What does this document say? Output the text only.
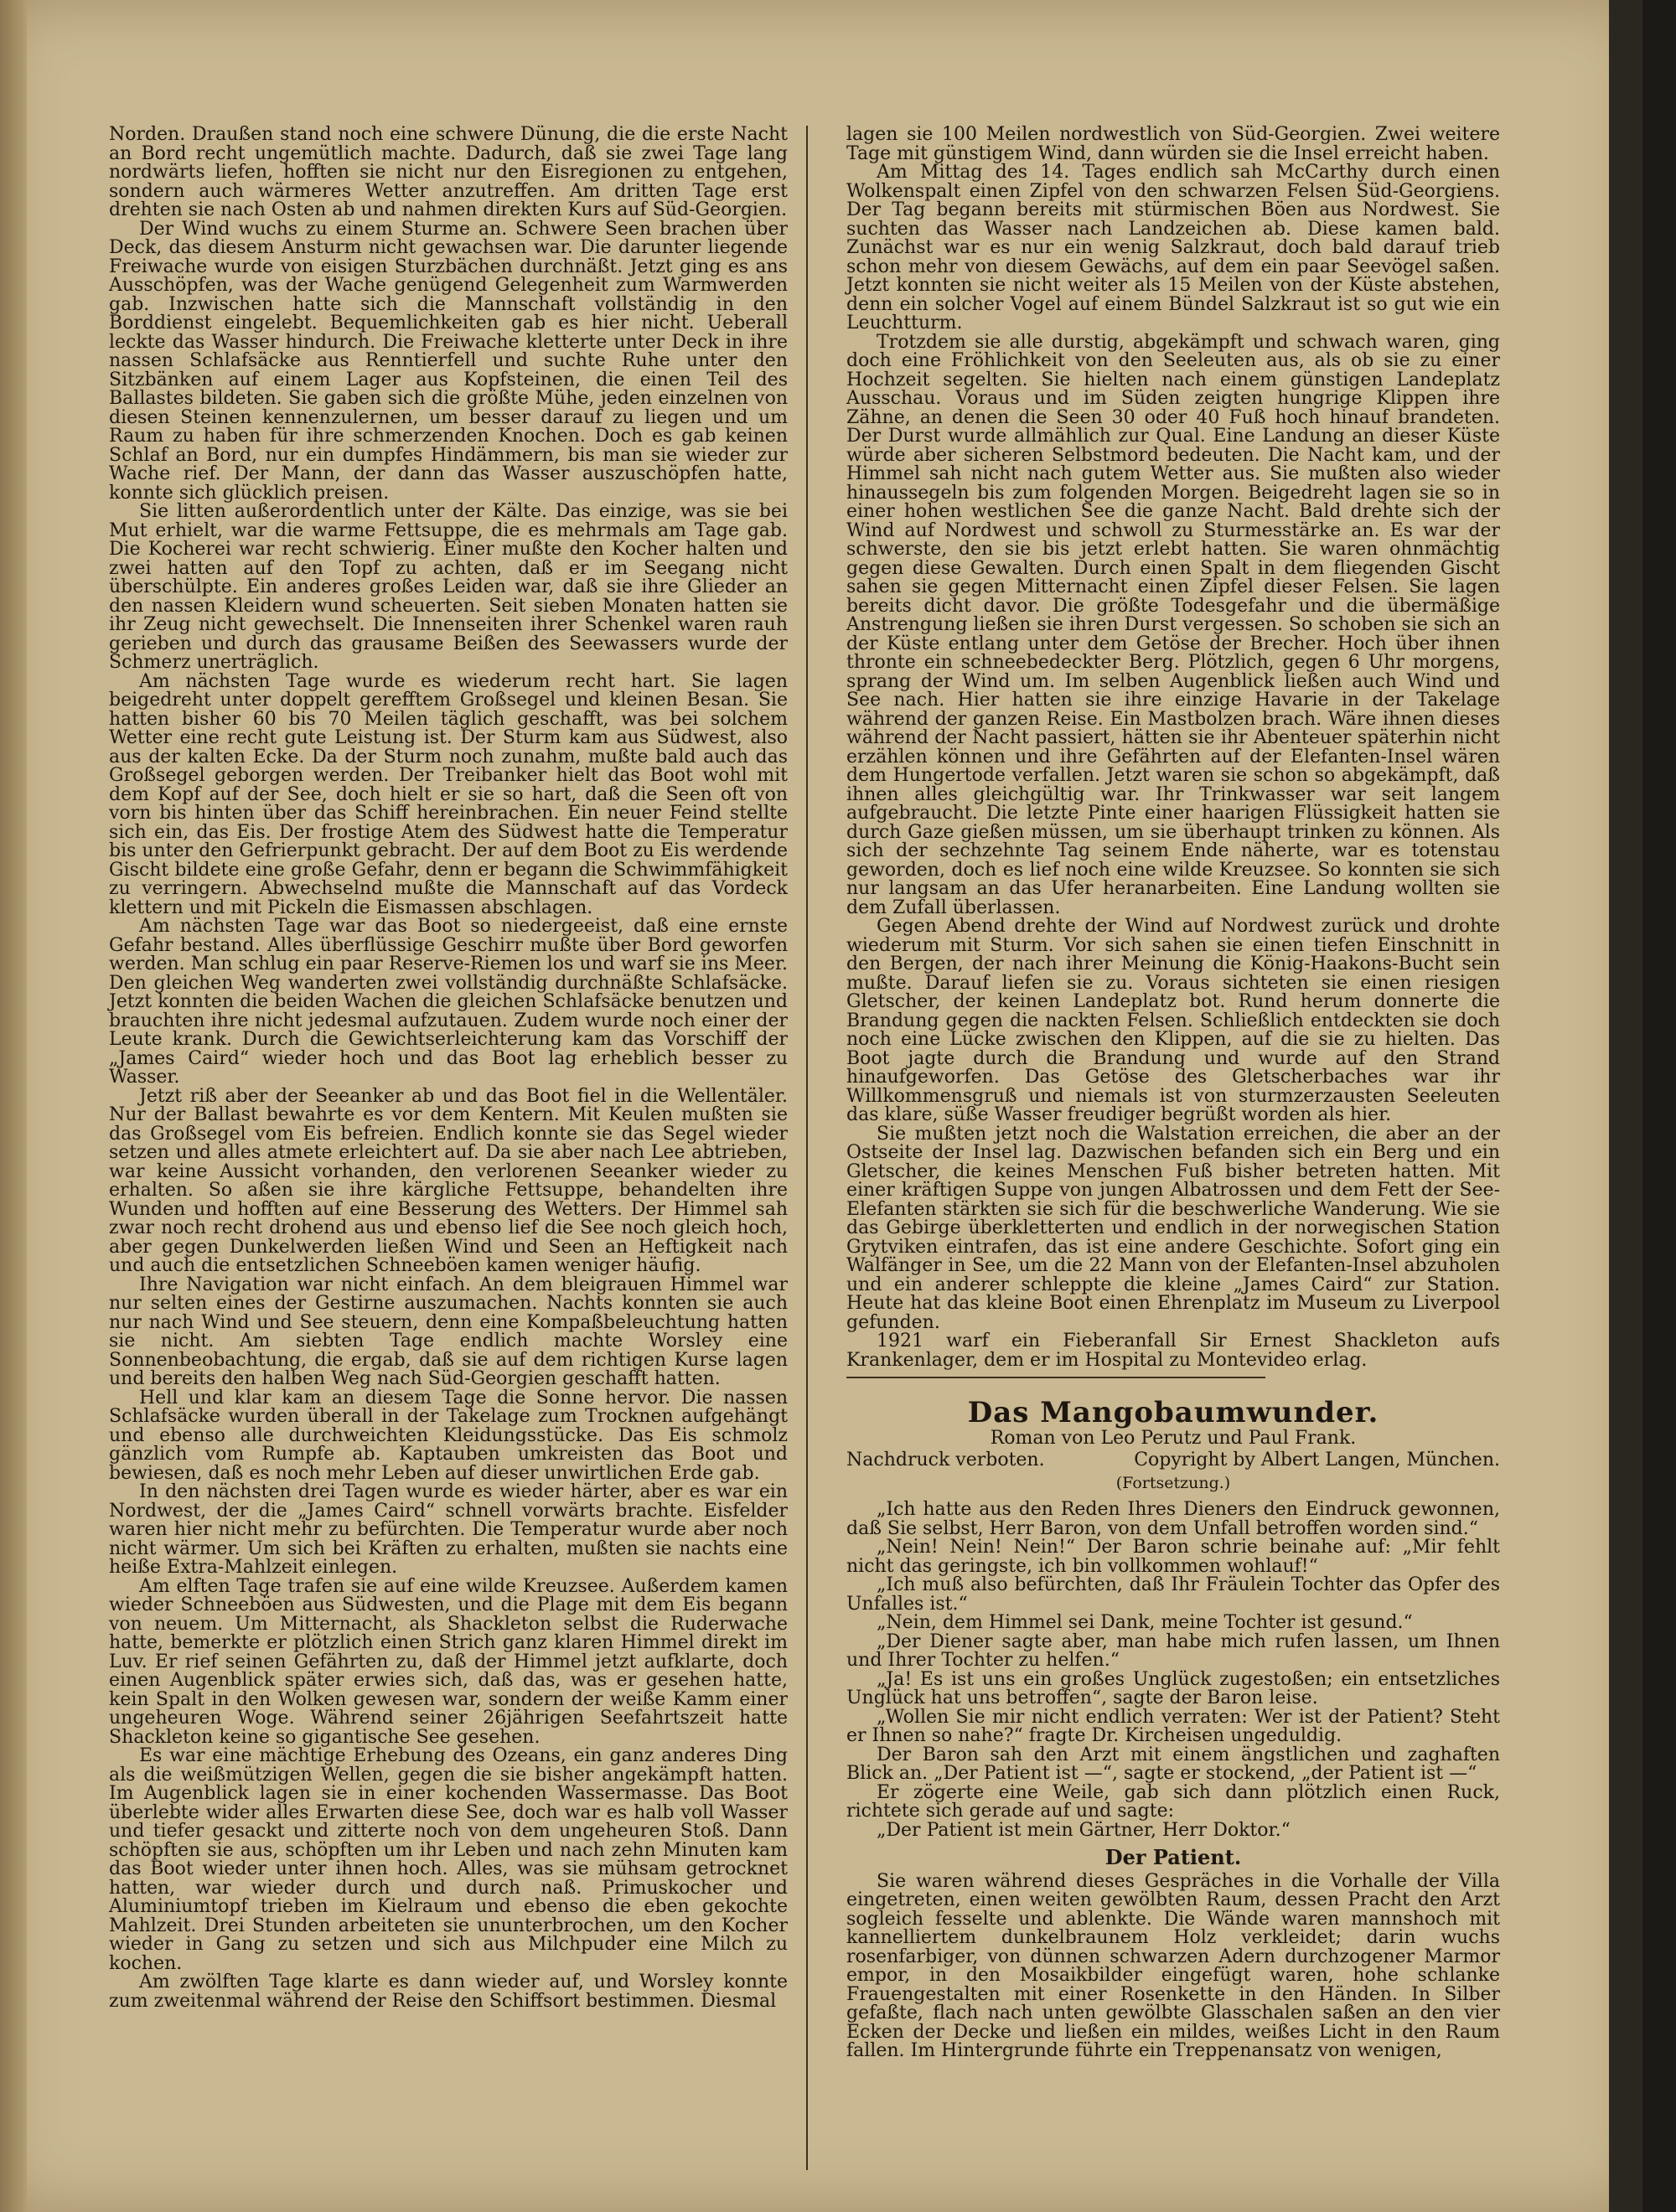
Norden. Draußen stand noch eine schwere Dünung, die die erste Nacht an Bord recht ungemütlich machte. Dadurch, daß sie zwei Tage lang nordwärts liefen, hofften sie nicht nur den Eisregionen zu entgehen, sondern auch wärmeres Wetter anzutreffen. Am dritten Tage erst drehten sie nach Osten ab und nahmen direkten Kurs auf Süd-Georgien.

Der Wind wuchs zu einem Sturme an. Schwere Seen brachen über Deck, das diesem Ansturm nicht gewachsen war. Die darunter liegende Freiwache wurde von eisigen Sturzbächen durchnäßt. Jetzt ging es ans Ausschöpfen, was der Wache genügend Gelegenheit zum Warmwerden gab. Inzwischen hatte sich die Mannschaft vollständig in den Borddienst eingelebt. Bequemlichkeiten gab es hier nicht. Ueberall leckte das Wasser hindurch. Die Freiwache kletterte unter Deck in ihre nassen Schlafsäcke aus Renntierfell und suchte Ruhe unter den Sitzbänken auf einem Lager aus Kopfsteinen, die einen Teil des Ballastes bildeten. Sie gaben sich die größte Mühe, jeden einzelnen von diesen Steinen kennenzulernen, um besser darauf zu liegen und um Raum zu haben für ihre schmerzenden Knochen. Doch es gab keinen Schlaf an Bord, nur ein dumpfes Hindämmern, bis man sie wieder zur Wache rief. Der Mann, der dann das Wasser auszuschöpfen hatte, konnte sich glücklich preisen.

Sie litten außerordentlich unter der Kälte. Das einzige, was sie bei Mut erhielt, war die warme Fettsuppe, die es mehrmals am Tage gab. Die Kocherei war recht schwierig. Einer mußte den Kocher halten und zwei hatten auf den Topf zu achten, daß er im Seegang nicht überschülpte. Ein anderes großes Leiden war, daß sie ihre Glieder an den nassen Kleidern wund scheuerten. Seit sieben Monaten hatten sie ihr Zeug nicht gewechselt. Die Innenseiten ihrer Schenkel waren rauh gerieben und durch das grausame Beißen des Seewassers wurde der Schmerz unerträglich.

Am nächsten Tage wurde es wiederum recht hart. Sie lagen beigedreht unter doppelt gerefftem Großsegel und kleinen Besan. Sie hatten bisher 60 bis 70 Meilen täglich geschafft, was bei solchem Wetter eine recht gute Leistung ist. Der Sturm kam aus Südwest, also aus der kalten Ecke. Da der Sturm noch zunahm, mußte bald auch das Großsegel geborgen werden. Der Treibanker hielt das Boot wohl mit dem Kopf auf der See, doch hielt er sie so hart, daß die Seen oft von vorn bis hinten über das Schiff hereinbrachen. Ein neuer Feind stellte sich ein, das Eis. Der frostige Atem des Südwest hatte die Temperatur bis unter den Gefrierpunkt gebracht. Der auf dem Boot zu Eis werdende Gischt bildete eine große Gefahr, denn er begann die Schwimmfähigkeit zu verringern. Abwechselnd mußte die Mannschaft auf das Vordeck klettern und mit Pickeln die Eismassen abschlagen.

Am nächsten Tage war das Boot so niedergeeist, daß eine ernste Gefahr bestand. Alles überflüssige Geschirr mußte über Bord geworfen werden. Man schlug ein paar Reserve-Riemen los und warf sie ins Meer. Den gleichen Weg wanderten zwei vollständig durchnäßte Schlafsäcke. Jetzt konnten die beiden Wachen die gleichen Schlafsäcke benutzen und brauchten ihre nicht jedesmal aufzutauen. Zudem wurde noch einer der Leute krank. Durch die Gewichtserleichterung kam das Vorschiff der „James Caird“ wieder hoch und das Boot lag erheblich besser zu Wasser.

Jetzt riß aber der Seeanker ab und das Boot fiel in die Wellentäler. Nur der Ballast bewahrte es vor dem Kentern. Mit Keulen mußten sie das Großsegel vom Eis befreien. Endlich konnte sie das Segel wieder setzen und alles atmete erleichtert auf. Da sie aber nach Lee abtrieben, war keine Aussicht vorhanden, den verlorenen Seeanker wieder zu erhalten. So aßen sie ihre kärgliche Fettsuppe, behandelten ihre Wunden und hofften auf eine Besserung des Wetters. Der Himmel sah zwar noch recht drohend aus und ebenso lief die See noch gleich hoch, aber gegen Dunkelwerden ließen Wind und Seen an Heftigkeit nach und auch die entsetzlichen Schneeböen kamen weniger häufig.

Ihre Navigation war nicht einfach. An dem bleigrauen Himmel war nur selten eines der Gestirne auszumachen. Nachts konnten sie auch nur nach Wind und See steuern, denn eine Kompaßbeleuchtung hatten sie nicht. Am siebten Tage endlich machte Worsley eine Sonnenbeobachtung, die ergab, daß sie auf dem richtigen Kurse lagen und bereits den halben Weg nach Süd-Georgien geschafft hatten.

Hell und klar kam an diesem Tage die Sonne hervor. Die nassen Schlafsäcke wurden überall in der Takelage zum Trocknen aufgehängt und ebenso alle durchweichten Kleidungsstücke. Das Eis schmolz gänzlich vom Rumpfe ab. Kaptauben umkreisten das Boot und bewiesen, daß es noch mehr Leben auf dieser unwirtlichen Erde gab.

In den nächsten drei Tagen wurde es wieder härter, aber es war ein Nordwest, der die „James Caird“ schnell vorwärts brachte. Eisfelder waren hier nicht mehr zu befürchten. Die Temperatur wurde aber noch nicht wärmer. Um sich bei Kräften zu erhalten, mußten sie nachts eine heiße Extra-Mahlzeit einlegen.

Am elften Tage trafen sie auf eine wilde Kreuzsee. Außerdem kamen wieder Schneeböen aus Südwesten, und die Plage mit dem Eis begann von neuem. Um Mitternacht, als Shackleton selbst die Ruderwache hatte, bemerkte er plötzlich einen Strich ganz klaren Himmel direkt im Luv. Er rief seinen Gefährten zu, daß der Himmel jetzt aufklarte, doch einen Augenblick später erwies sich, daß das, was er gesehen hatte, kein Spalt in den Wolken gewesen war, sondern der weiße Kamm einer ungeheuren Woge. Während seiner 26jährigen Seefahrtszeit hatte Shackleton keine so gigantische See gesehen.

Es war eine mächtige Erhebung des Ozeans, ein ganz anderes Ding als die weißmützigen Wellen, gegen die sie bisher angekämpft hatten. Im Augenblick lagen sie in einer kochenden Wassermasse. Das Boot überlebte wider alles Erwarten diese See, doch war es halb voll Wasser und tiefer gesackt und zitterte noch von dem ungeheuren Stoß. Dann schöpften sie aus, schöpften um ihr Leben und nach zehn Minuten kam das Boot wieder unter ihnen hoch. Alles, was sie mühsam getrocknet hatten, war wieder durch und durch naß. Primuskocher und Aluminiumtopf trieben im Kielraum und ebenso die eben gekochte Mahlzeit. Drei Stunden arbeiteten sie ununterbrochen, um den Kocher wieder in Gang zu setzen und sich aus Milchpuder eine Milch zu kochen.

Am zwölften Tage klarte es dann wieder auf, und Worsley konnte zum zweitenmal während der Reise den Schiffsort bestimmen. Diesmal

lagen sie 100 Meilen nordwestlich von Süd-Georgien. Zwei weitere Tage mit günstigem Wind, dann würden sie die Insel erreicht haben.

Am Mittag des 14. Tages endlich sah McCarthy durch einen Wolkenspalt einen Zipfel von den schwarzen Felsen Süd-Georgiens. Der Tag begann bereits mit stürmischen Böen aus Nordwest. Sie suchten das Wasser nach Landzeichen ab. Diese kamen bald. Zunächst war es nur ein wenig Salzkraut, doch bald darauf trieb schon mehr von diesem Gewächs, auf dem ein paar Seevögel saßen. Jetzt konnten sie nicht weiter als 15 Meilen von der Küste abstehen, denn ein solcher Vogel auf einem Bündel Salzkraut ist so gut wie ein Leuchtturm.

Trotzdem sie alle durstig, abgekämpft und schwach waren, ging doch eine Fröhlichkeit von den Seeleuten aus, als ob sie zu einer Hochzeit segelten. Sie hielten nach einem günstigen Landeplatz Ausschau. Voraus und im Süden zeigten hungrige Klippen ihre Zähne, an denen die Seen 30 oder 40 Fuß hoch hinauf brandeten. Der Durst wurde allmählich zur Qual. Eine Landung an dieser Küste würde aber sicheren Selbstmord bedeuten. Die Nacht kam, und der Himmel sah nicht nach gutem Wetter aus. Sie mußten also wieder hinaussegeln bis zum folgenden Morgen. Beigedreht lagen sie so in einer hohen westlichen See die ganze Nacht. Bald drehte sich der Wind auf Nordwest und schwoll zu Sturmesstärke an. Es war der schwerste, den sie bis jetzt erlebt hatten. Sie waren ohnmächtig gegen diese Gewalten. Durch einen Spalt in dem fliegenden Gischt sahen sie gegen Mitternacht einen Zipfel dieser Felsen. Sie lagen bereits dicht davor. Die größte Todesgefahr und die übermäßige Anstrengung ließen sie ihren Durst vergessen. So schoben sie sich an der Küste entlang unter dem Getöse der Brecher. Hoch über ihnen thronte ein schneebedeckter Berg. Plötzlich, gegen 6 Uhr morgens, sprang der Wind um. Im selben Augenblick ließen auch Wind und See nach. Hier hatten sie ihre einzige Havarie in der Takelage während der ganzen Reise. Ein Mastbolzen brach. Wäre ihnen dieses während der Nacht passiert, hätten sie ihr Abenteuer späterhin nicht erzählen können und ihre Gefährten auf der Elefanten-Insel wären dem Hungertode verfallen. Jetzt waren sie schon so abgekämpft, daß ihnen alles gleichgültig war. Ihr Trinkwasser war seit langem aufgebraucht. Die letzte Pinte einer haarigen Flüssigkeit hatten sie durch Gaze gießen müssen, um sie überhaupt trinken zu können. Als sich der sechzehnte Tag seinem Ende näherte, war es totenstau geworden, doch es lief noch eine wilde Kreuzsee. So konnten sie sich nur langsam an das Ufer heranarbeiten. Eine Landung wollten sie dem Zufall überlassen.

Gegen Abend drehte der Wind auf Nordwest zurück und drohte wiederum mit Sturm. Vor sich sahen sie einen tiefen Einschnitt in den Bergen, der nach ihrer Meinung die König-Haakons-Bucht sein mußte. Darauf liefen sie zu. Voraus sichteten sie einen riesigen Gletscher, der keinen Landeplatz bot. Rund herum donnerte die Brandung gegen die nackten Felsen. Schließlich entdeckten sie doch noch eine Lücke zwischen den Klippen, auf die sie zu hielten. Das Boot jagte durch die Brandung und wurde auf den Strand hinaufgeworfen. Das Getöse des Gletscherbaches war ihr Willkommensgruß und niemals ist von sturmzerzausten Seeleuten das klare, süße Wasser freudiger begrüßt worden als hier.

Sie mußten jetzt noch die Walstation erreichen, die aber an der Ostseite der Insel lag. Dazwischen befanden sich ein Berg und ein Gletscher, die keines Menschen Fuß bisher betreten hatten. Mit einer kräftigen Suppe von jungen Albatrossen und dem Fett der See-Elefanten stärkten sie sich für die beschwerliche Wanderung. Wie sie das Gebirge überkletterten und endlich in der norwegischen Station Grytviken eintrafen, das ist eine andere Geschichte. Sofort ging ein Walfänger in See, um die 22 Mann von der Elefanten-Insel abzuholen und ein anderer schleppte die kleine „James Caird“ zur Station. Heute hat das kleine Boot einen Ehrenplatz im Museum zu Liverpool gefunden.

1921 warf ein Fieberanfall Sir Ernest Shackleton aufs Krankenlager, dem er im Hospital zu Montevideo erlag.

Das Mangobaumwunder.
Roman von Leo Perutz und Paul Frank.
Nachdruck verboten.	Copyright by Albert Langen, München.
(Fortsetzung.)

„Ich hatte aus den Reden Ihres Dieners den Eindruck gewonnen, daß Sie selbst, Herr Baron, von dem Unfall betroffen worden sind.“

„Nein! Nein! Nein!“ Der Baron schrie beinahe auf: „Mir fehlt nicht das geringste, ich bin vollkommen wohlauf!“

„Ich muß also befürchten, daß Ihr Fräulein Tochter das Opfer des Unfalles ist.“

„Nein, dem Himmel sei Dank, meine Tochter ist gesund.“

„Der Diener sagte aber, man habe mich rufen lassen, um Ihnen und Ihrer Tochter zu helfen.“

„Ja! Es ist uns ein großes Unglück zugestoßen; ein entsetzliches Unglück hat uns betroffen“, sagte der Baron leise.

„Wollen Sie mir nicht endlich verraten: Wer ist der Patient? Steht er Ihnen so nahe?“ fragte Dr. Kircheisen ungeduldig.

Der Baron sah den Arzt mit einem ängstlichen und zaghaften Blick an. „Der Patient ist —“, sagte er stockend, „der Patient ist —“

Er zögerte eine Weile, gab sich dann plötzlich einen Ruck, richtete sich gerade auf und sagte:

„Der Patient ist mein Gärtner, Herr Doktor.“

Der Patient.

Sie waren während dieses Gespräches in die Vorhalle der Villa eingetreten, einen weiten gewölbten Raum, dessen Pracht den Arzt sogleich fesselte und ablenkte. Die Wände waren mannshoch mit kannelliertem dunkelbraunem Holz verkleidet; darin wuchs rosenfarbiger, von dünnen schwarzen Adern durchzogener Marmor empor, in den Mosaikbilder eingefügt waren, hohe schlanke Frauengestalten mit einer Rosenkette in den Händen. In Silber gefaßte, flach nach unten gewölbte Glasschalen saßen an den vier Ecken der Decke und ließen ein mildes, weißes Licht in den Raum fallen. Im Hintergrunde führte ein Treppenansatz von wenigen,
